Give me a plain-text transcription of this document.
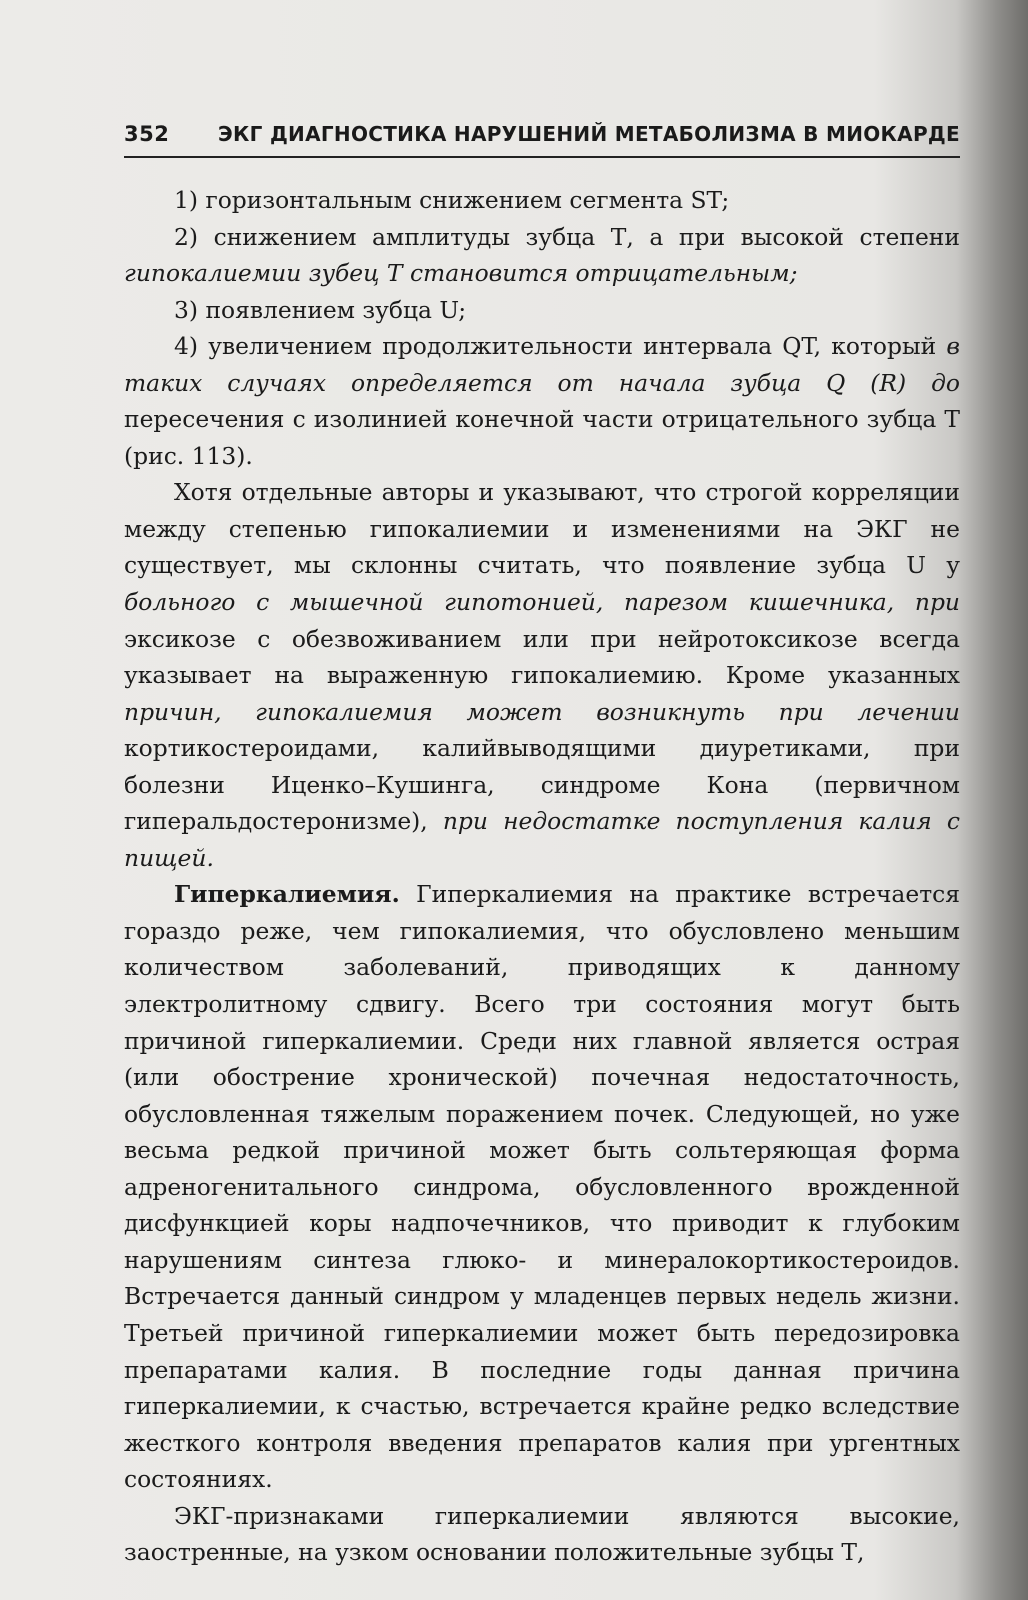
352 ЭКГ ДИАГНОСТИКА НАРУШЕНИЙ МЕТАБОЛИЗМА В МИОКАРДЕ

1) горизонтальным снижением сегмента ST;

2) снижением амплитуды зубца Т, а при высокой степени гипокалиемии зубец Т становится отрицательным;

3) появлением зубца U;

4) увеличением продолжительности интервала QT, который в таких случаях определяется от начала зубца Q (R) до пересечения с изолинией конечной части отрицательного зубца Т (рис. 113).

Хотя отдельные авторы и указывают, что строгой корреляции между степенью гипокалиемии и изменениями на ЭКГ не существует, мы склонны считать, что появление зубца U у больного с мышечной гипотонией, парезом кишечника, при эксикозе с обезвоживанием или при нейротоксикозе всегда указывает на выраженную гипокалиемию. Кроме указанных причин, гипокалиемия может возникнуть при лечении кортикостероидами, калийвыводящими диуретиками, при болезни Иценко–Кушинга, синдроме Кона (первичном гиперальдостеронизме), при недостатке поступления калия с пищей.

Гиперкалиемия. Гиперкалиемия на практике встречается гораздо реже, чем гипокалиемия, что обусловлено меньшим количеством заболеваний, приводящих к данному электролитному сдвигу. Всего три состояния могут быть причиной гиперкалиемии. Среди них главной является острая (или обострение хронической) почечная недостаточность, обусловленная тяжелым поражением почек. Следующей, но уже весьма редкой причиной может быть сольтеряющая форма адреногенитального синдрома, обусловленного врожденной дисфункцией коры надпочечников, что приводит к глубоким нарушениям синтеза глюко- и минералокортикостероидов. Встречается данный синдром у младенцев первых недель жизни. Третьей причиной гиперкалиемии может быть передозировка препаратами калия. В последние годы данная причина гиперкалиемии, к счастью, встречается крайне редко вследствие жесткого контроля введения препаратов калия при ургентных состояниях.

ЭКГ-признаками гиперкалиемии являются высокие, заостренные, на узком основании положительные зубцы Т,
